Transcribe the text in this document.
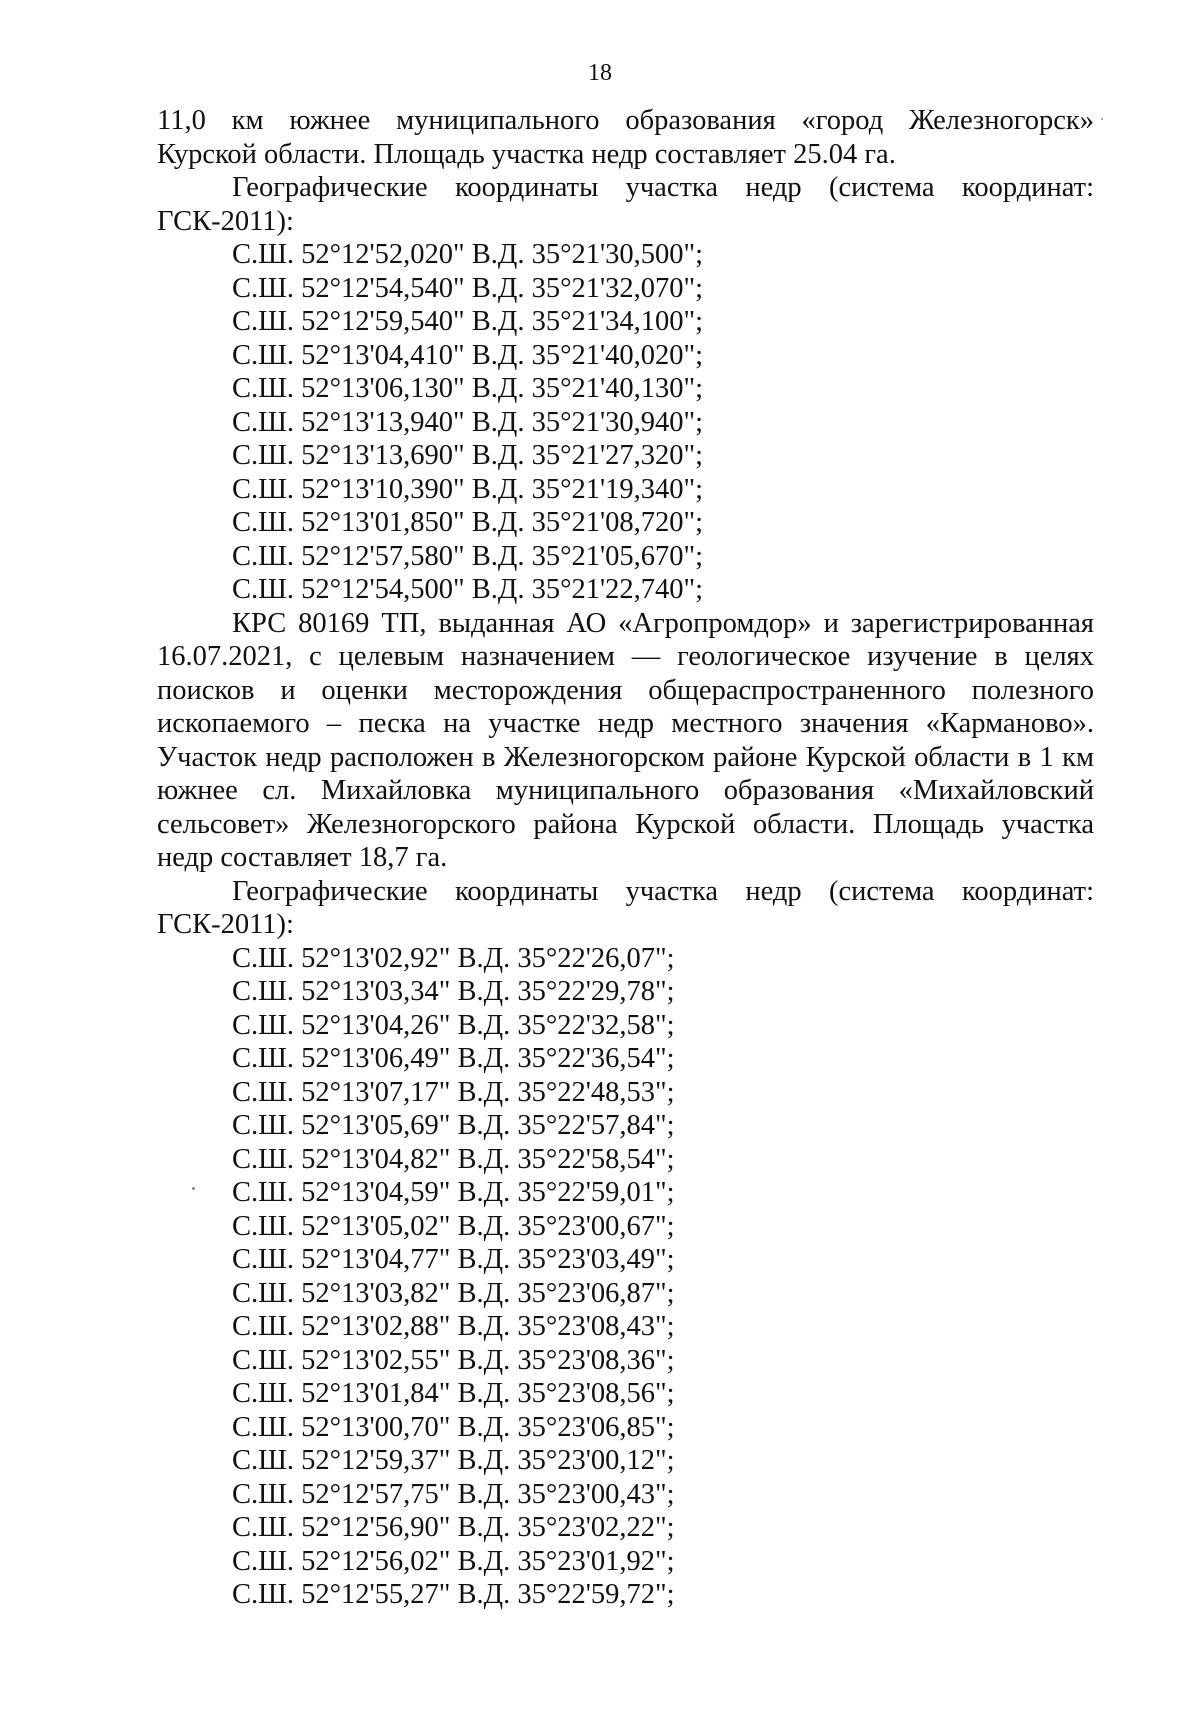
18
11,0 км южнее муниципального образования «город Железногорск»
Курской области. Площадь участка недр составляет 25.04 га.
Географические координаты участка недр (система координат:
ГСК-2011):
С.Ш. 52°12'52,020" В.Д. 35°21'30,500";
С.Ш. 52°12'54,540" В.Д. 35°21'32,070";
С.Ш. 52°12'59,540" В.Д. 35°21'34,100";
С.Ш. 52°13'04,410" В.Д. 35°21'40,020";
С.Ш. 52°13'06,130" В.Д. 35°21'40,130";
С.Ш. 52°13'13,940" В.Д. 35°21'30,940";
С.Ш. 52°13'13,690" В.Д. 35°21'27,320";
С.Ш. 52°13'10,390" В.Д. 35°21'19,340";
С.Ш. 52°13'01,850" В.Д. 35°21'08,720";
С.Ш. 52°12'57,580" В.Д. 35°21'05,670";
С.Ш. 52°12'54,500" В.Д. 35°21'22,740";
КРС 80169 ТП, выданная АО «Агропромдор» и зарегистрированная
16.07.2021, с целевым назначением — геологическое изучение в целях
поисков и оценки месторождения общераспространенного полезного
ископаемого – песка на участке недр местного значения «Карманово».
Участок недр расположен в Железногорском районе Курской области в 1 км
южнее сл. Михайловка муниципального образования «Михайловский
сельсовет» Железногорского района Курской области. Площадь участка
недр составляет 18,7 га.
Географические координаты участка недр (система координат:
ГСК-2011):
С.Ш. 52°13'02,92" В.Д. 35°22'26,07";
С.Ш. 52°13'03,34" В.Д. 35°22'29,78";
С.Ш. 52°13'04,26" В.Д. 35°22'32,58";
С.Ш. 52°13'06,49" В.Д. 35°22'36,54";
С.Ш. 52°13'07,17" В.Д. 35°22'48,53";
С.Ш. 52°13'05,69" В.Д. 35°22'57,84";
С.Ш. 52°13'04,82" В.Д. 35°22'58,54";
С.Ш. 52°13'04,59" В.Д. 35°22'59,01";
С.Ш. 52°13'05,02" В.Д. 35°23'00,67";
С.Ш. 52°13'04,77" В.Д. 35°23'03,49";
С.Ш. 52°13'03,82" В.Д. 35°23'06,87";
С.Ш. 52°13'02,88" В.Д. 35°23'08,43";
С.Ш. 52°13'02,55" В.Д. 35°23'08,36";
С.Ш. 52°13'01,84" В.Д. 35°23'08,56";
С.Ш. 52°13'00,70" В.Д. 35°23'06,85";
С.Ш. 52°12'59,37" В.Д. 35°23'00,12";
С.Ш. 52°12'57,75" В.Д. 35°23'00,43";
С.Ш. 52°12'56,90" В.Д. 35°23'02,22";
С.Ш. 52°12'56,02" В.Д. 35°23'01,92";
С.Ш. 52°12'55,27" В.Д. 35°22'59,72";
